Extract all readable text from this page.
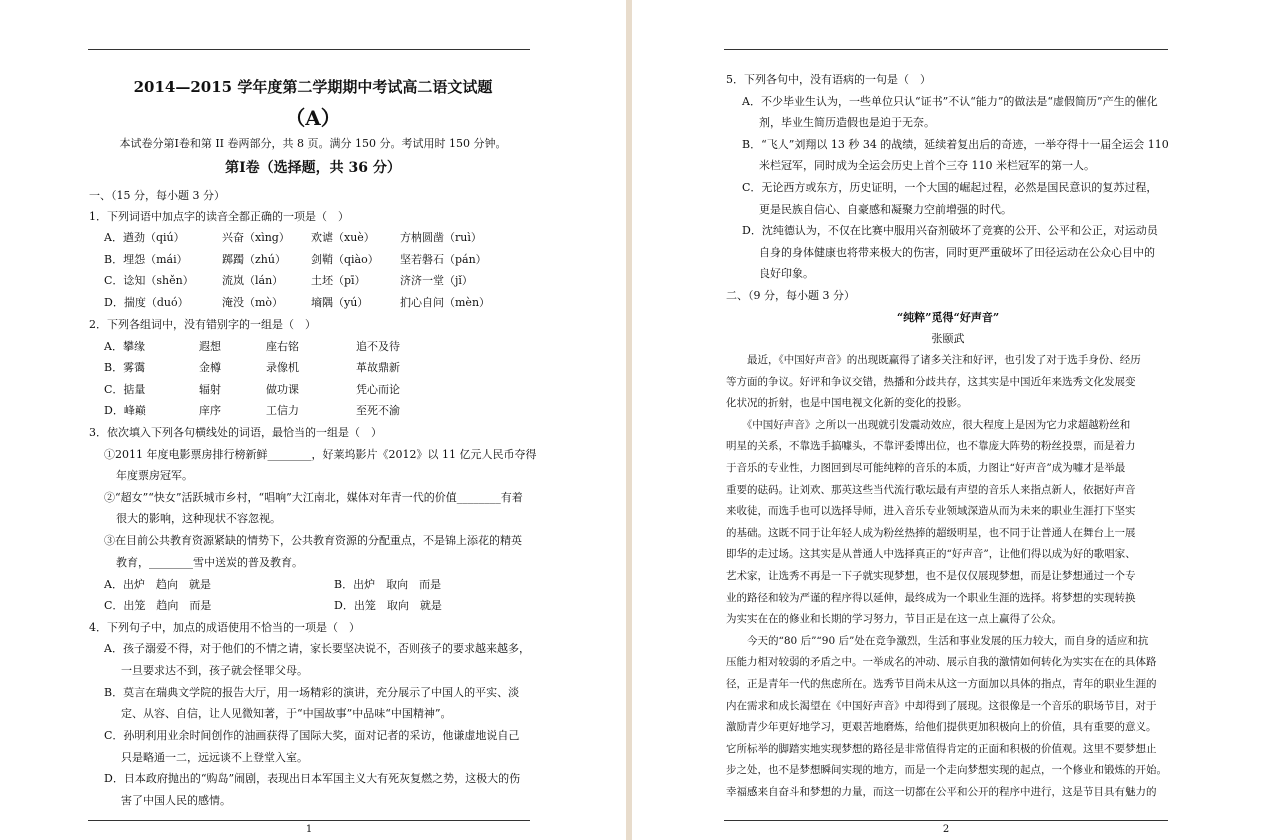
2014—2015 学年度第二学期期中考试高二语文试题
（A）
本试卷分第Ⅰ卷和第 II 卷两部分，共 8 页。满分 150 分。考试用时 150 分钟。
第Ⅰ卷（选择题，共 36 分）
一、（15 分，每小题 3 分）
1．下列词语中加点字的读音全都正确的一项是（　）
A．遒劲（qiú）	兴奋（xìng） 欢谑（xuè） 方枘圆凿（ruì）
B．埋怨（mái）	踯躅（zhú） 剑鞘（qiào） 坚若磐石（pán）
C．谂知（shěn）	流岚（lán）	土坯（pī）	济济一堂（jǐ）
D．揣度（duó）	淹没（mò）	墒隅（yú）	扪心自问（mèn）
2．下列各组词中，没有错别字的一组是（　）
A．攀缘	遐想	座右铭	追不及待
B．雾霭	金樽	录像机	革故鼎新
C．掂量	辐射	做功课	凭心而论
D．峰巅	庠序	工信力	至死不渝
3．依次填入下列各句横线处的词语，最恰当的一组是（　）
①2011 年度电影票房排行榜新鲜________，好莱坞影片《2012》以 11 亿元人民币夺得
年度票房冠军。
②“超女”“快女”活跃城市乡村，“唱响”大江南北，媒体对年青一代的价值________有着
很大的影响，这种现状不容忽视。
③在目前公共教育资源紧缺的情势下，公共教育资源的分配重点，不是锦上添花的精英
教育，________雪中送炭的普及教育。
A．出炉　趋向　就是	B．出炉　取向　而是
C．出笼　趋向　而是	D．出笼　取向　就是
4．下列句子中，加点的成语使用不恰当的一项是（　）
A．孩子溺爱不得，对于他们的不情之请，家长要坚决说不，否则孩子的要求越来越多，
一旦要求达不到，孩子就会怪罪父母。
B．莫言在瑞典文学院的报告大厅，用一场精彩的演讲，充分展示了中国人的平实、淡
定、从容、自信，让人见微知著，于“中国故事”中品味“中国精神”。
C．孙明利用业余时间创作的油画获得了国际大奖，面对记者的采访，他谦虚地说自己
只是略通一二，远远谈不上登堂入室。
D．日本政府抛出的“购岛”闹剧，表现出日本军国主义大有死灰复燃之势，这极大的伤
害了中国人民的感情。
1
5．下列各句中，没有语病的一句是（　）
A．不少毕业生认为，一些单位只认“证书”不认“能力”的做法是“虚假简历”产生的催化
剂，毕业生简历造假也是迫于无奈。
B．“飞人”刘翔以 13 秒 34 的战绩，延续着复出后的奇迹，一举夺得十一届全运会 110
米栏冠军，同时成为全运会历史上首个三夺 110 米栏冠军的第一人。
C．无论西方或东方，历史证明，一个大国的崛起过程，必然是国民意识的复苏过程，
更是民族自信心、自豪感和凝聚力空前增强的时代。
D．沈纯德认为，不仅在比赛中服用兴奋剂破坏了竞赛的公开、公平和公正，对运动员
自身的身体健康也将带来极大的伤害，同时更严重破坏了田径运动在公众心目中的
良好印象。
二、（9 分，每小题 3 分）
“纯粹”觅得“好声音”
张颐武
　　最近，《中国好声音》的出现既赢得了诸多关注和好评，也引发了对于选手身份、经历
等方面的争议。好评和争议交错，热播和分歧共存，这其实是中国近年来选秀文化发展变
化状况的折射，也是中国电视文化新的变化的投影。
　　《中国好声音》之所以一出现就引发震动效应，很大程度上是因为它力求超越粉丝和
明星的关系，不靠选手搞噱头，不靠评委博出位，也不靠庞大阵势的粉丝投票，而是着力
于音乐的专业性，力图回到尽可能纯粹的音乐的本质，力图让“好声音”成为噱才是举最
重要的砝码。让刘欢、那英这些当代流行歌坛最有声望的音乐人来指点新人，依据好声音
来收徒，而选手也可以选择导师，进入音乐专业领域深造从而为未来的职业生涯打下坚实
的基础。这既不同于让年轻人成为粉丝热捧的超级明星，也不同于让普通人在舞台上一展
即华的走过场。这其实是从普通人中选择真正的“好声音”，让他们得以成为好的歌唱家、
艺术家，让选秀不再是一下子就实现梦想，也不是仅仅展现梦想，而是让梦想通过一个专
业的路径和较为严谨的程序得以延伸，最终成为一个职业生涯的选择。将梦想的实现转换
为实实在在的修业和长期的学习努力，节目正是在这一点上赢得了公众。
　　今天的“80 后”“90 后”处在竞争激烈，生活和事业发展的压力较大，而自身的适应和抗
压能力相对较弱的矛盾之中。一举成名的冲动、展示自我的激情如何转化为实实在在的具体路
径，正是青年一代的焦虑所在。选秀节目尚未从这一方面加以具体的指点，青年的职业生涯的
内在需求和成长渴望在《中国好声音》中却得到了展现。这很像是一个音乐的职场节目，对于
激励青少年更好地学习，更艰苦地磨炼，给他们提供更加积极向上的价值，具有重要的意义。
它所标举的脚踏实地实现梦想的路径是非常值得肯定的正面和积极的价值观。这里不要梦想止
步之处，也不是梦想瞬间实现的地方，而是一个走向梦想实现的起点，一个修业和锻炼的开始。
幸福感来自奋斗和梦想的力量，而这一切都在公平和公开的程序中进行，这是节目具有魅力的
2
